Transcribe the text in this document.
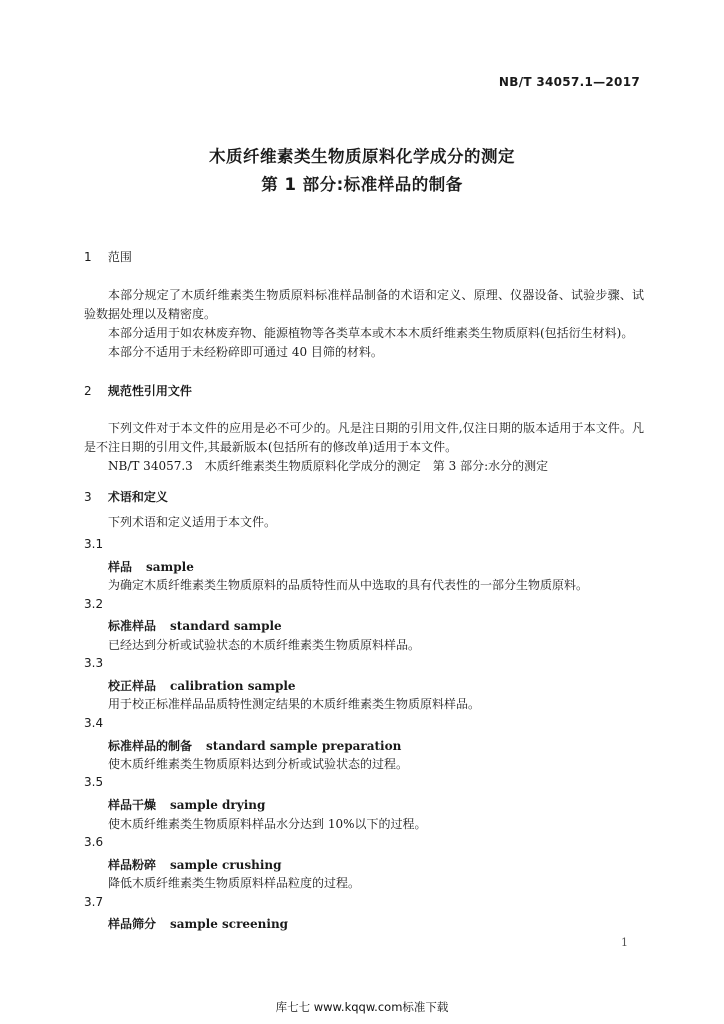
NB/T 34057.1—2017
木质纤维素类生物质原料化学成分的测定
第 1 部分:标准样品的制备
1 范围
本部分规定了木质纤维素类生物质原料标准样品制备的术语和定义、原理、仪器设备、试验步骤、试验数据处理以及精密度。
本部分适用于如农林废弃物、能源植物等各类草本或木本木质纤维素类生物质原料(包括衍生材料)。
本部分不适用于未经粉碎即可通过 40 目筛的材料。
2 规范性引用文件
下列文件对于本文件的应用是必不可少的。凡是注日期的引用文件,仅注日期的版本适用于本文件。凡是不注日期的引用文件,其最新版本(包括所有的修改单)适用于本文件。
NB/T 34057.3　木质纤维素类生物质原料化学成分的测定　第 3 部分:水分的测定
3 术语和定义
下列术语和定义适用于本文件。
3.1
样品 sample
为确定木质纤维素类生物质原料的品质特性而从中选取的具有代表性的一部分生物质原料。
3.2
标准样品 standard sample
已经达到分析或试验状态的木质纤维素类生物质原料样品。
3.3
校正样品 calibration sample
用于校正标准样品品质特性测定结果的木质纤维素类生物质原料样品。
3.4
标准样品的制备 standard sample preparation
使木质纤维素类生物质原料达到分析或试验状态的过程。
3.5
样品干燥 sample drying
使木质纤维素类生物质原料样品水分达到 10%以下的过程。
3.6
样品粉碎 sample crushing
降低木质纤维素类生物质原料样品粒度的过程。
3.7
样品筛分 sample screening
1
库七七 www.kqqw.com标准下载
